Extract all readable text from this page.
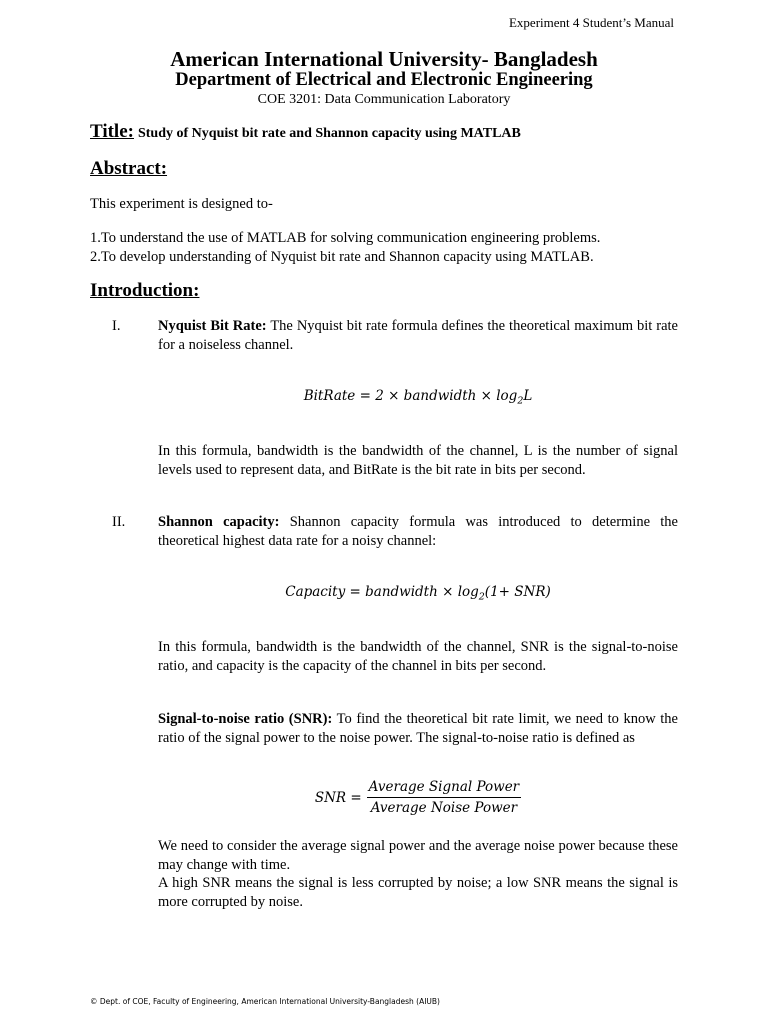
Experiment 4 Student’s Manual
American International University- Bangladesh
Department of Electrical and Electronic Engineering
COE 3201: Data Communication Laboratory
Title: Study of Nyquist bit rate and Shannon capacity using MATLAB
Abstract:
This experiment is designed to-
1.To understand the use of MATLAB for solving communication engineering problems.
2.To develop understanding of Nyquist bit rate and Shannon capacity using MATLAB.
Introduction:
I.	Nyquist Bit Rate: The Nyquist bit rate formula defines the theoretical maximum bit rate for a noiseless channel.
BitRate = 2 × bandwidth × $\log_2L$
In this formula, bandwidth is the bandwidth of the channel, L is the number of signal levels used to represent data, and BitRate is the bit rate in bits per second.
II. Shannon capacity: Shannon capacity formula was introduced to determine the theoretical highest data rate for a noisy channel:
Capacity = bandwidth × $\log_2(1+ SNR)$
In this formula, bandwidth is the bandwidth of the channel, SNR is the signal-to-noise ratio, and capacity is the capacity of the channel in bits per second.
Signal-to-noise ratio (SNR): To find the theoretical bit rate limit, we need to know the ratio of the signal power to the noise power. The signal-to-noise ratio is defined as
SNR = $\frac{\text{Average Signal Power}}{\text{Average Noise Power}}$
We need to consider the average signal power and the average noise power because these may change with time.
A high SNR means the signal is less corrupted by noise; a low SNR means the signal is more corrupted by noise.
© Dept. of COE, Faculty of Engineering, American International University-Bangladesh (AIUB)
